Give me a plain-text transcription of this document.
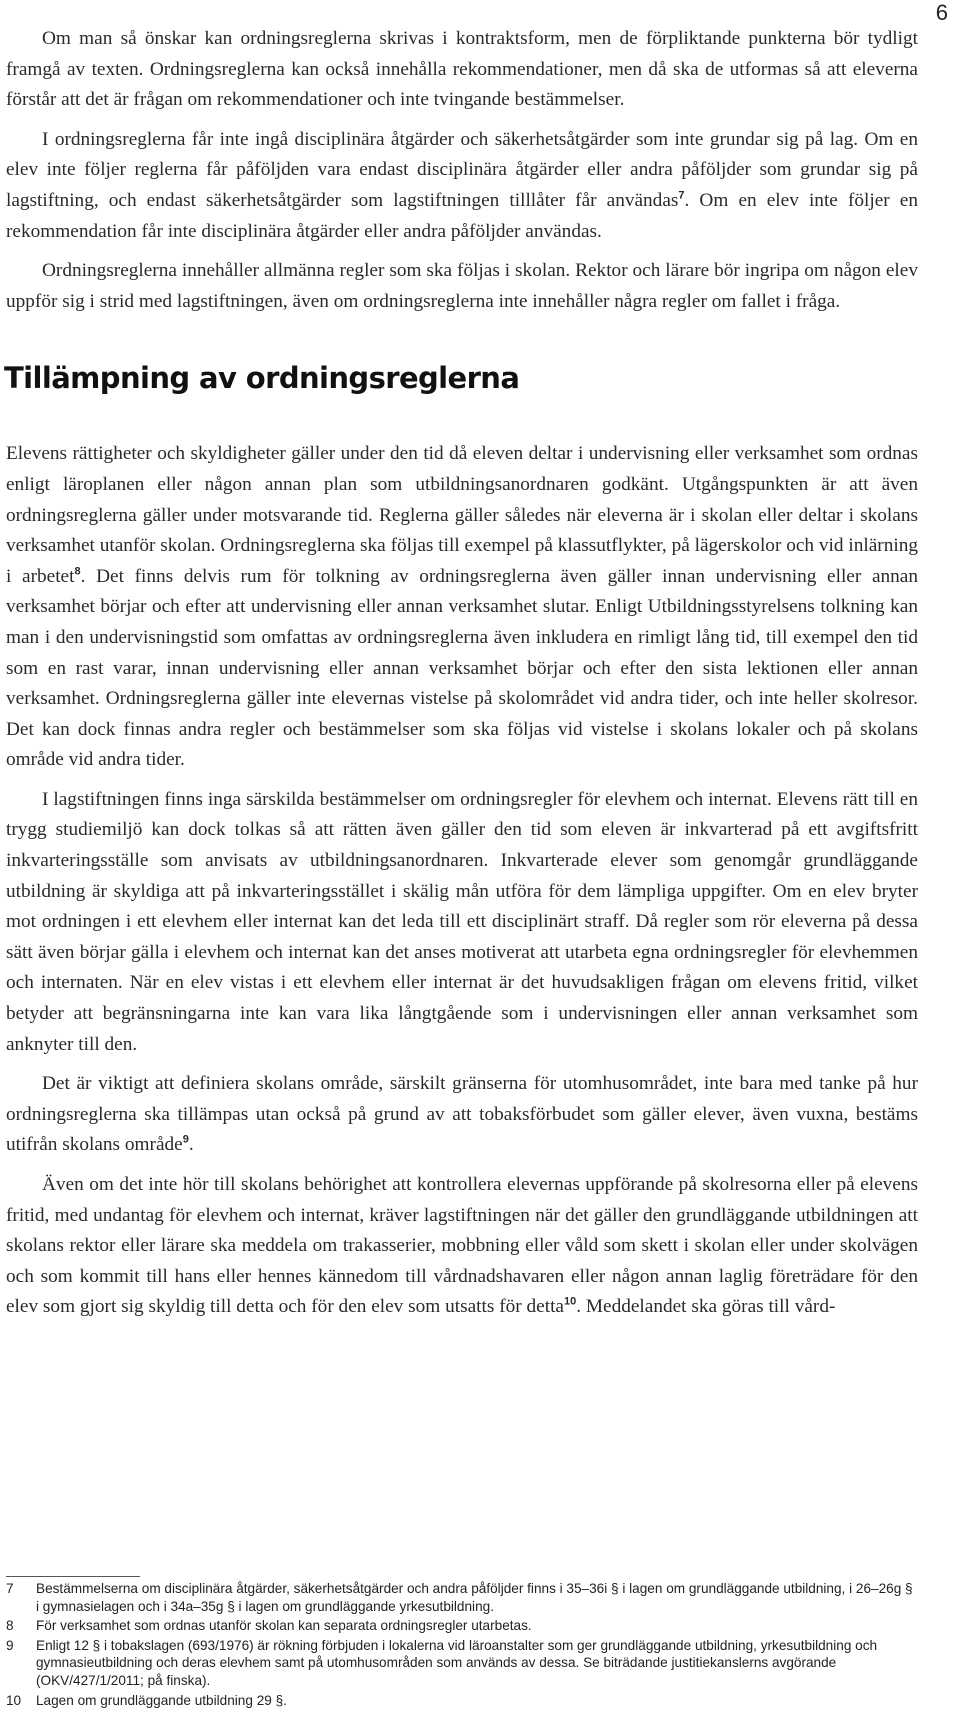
6

Om man så önskar kan ordningsreglerna skrivas i kontraktsform, men de förpliktande punkterna bör tydligt framgå av texten. Ordningsreglerna kan också innehålla rekommendationer, men då ska de utformas så att eleverna förstår att det är frågan om rekommendationer och inte tvingande bestämmelser.

I ordningsreglerna får inte ingå disciplinära åtgärder och säkerhetsåtgärder som inte grundar sig på lag. Om en elev inte följer reglerna får påföljden vara endast disciplinära åtgärder eller andra påföljder som grundar sig på lagstiftning, och endast säkerhetsåtgärder som lagstiftningen tilllåter får användas$^7$. Om en elev inte följer en rekommendation får inte disciplinära åtgärder eller andra påföljder användas.

Ordningsreglerna innehåller allmänna regler som ska följas i skolan. Rektor och lärare bör ingripa om någon elev uppför sig i strid med lagstiftningen, även om ordningsreglerna inte innehåller några regler om fallet i fråga.

Tillämpning av ordningsreglerna

Elevens rättigheter och skyldigheter gäller under den tid då eleven deltar i undervisning eller verksamhet som ordnas enligt läroplanen eller någon annan plan som utbildningsanordnaren godkänt. Utgångspunkten är att även ordningsreglerna gäller under motsvarande tid. Reglerna gäller således när eleverna är i skolan eller deltar i skolans verksamhet utanför skolan. Ordningsreglerna ska följas till exempel på klassutflykter, på lägerskolor och vid inlärning i arbetet$^8$. Det finns delvis rum för tolkning av ordningsreglerna även gäller innan undervisning eller annan verksamhet börjar och efter att undervisning eller annan verksamhet slutar. Enligt Utbildningsstyrelsens tolkning kan man i den undervisningstid som omfattas av ordningsreglerna även inkludera en rimligt lång tid, till exempel den tid som en rast varar, innan undervisning eller annan verksamhet börjar och efter den sista lektionen eller annan verksamhet. Ordningsreglerna gäller inte elevernas vistelse på skolområdet vid andra tider, och inte heller skolresor. Det kan dock finnas andra regler och bestämmelser som ska följas vid vistelse i skolans lokaler och på skolans område vid andra tider.

I lagstiftningen finns inga särskilda bestämmelser om ordningsregler för elevhem och internat. Elevens rätt till en trygg studiemiljö kan dock tolkas så att rätten även gäller den tid som eleven är inkvarterad på ett avgiftsfritt inkvarteringsställe som anvisats av utbildningsanordnaren. Inkvarterade elever som genomgår grundläggande utbildning är skyldiga att på inkvarteringsstället i skälig mån utföra för dem lämpliga uppgifter. Om en elev bryter mot ordningen i ett elevhem eller internat kan det leda till ett disciplinärt straff. Då regler som rör eleverna på dessa sätt även börjar gälla i elevhem och internat kan det anses motiverat att utarbeta egna ordningsregler för elevhemmen och internaten. När en elev vistas i ett elevhem eller internat är det huvudsakligen frågan om elevens fritid, vilket betyder att begränsningarna inte kan vara lika långtgående som i undervisningen eller annan verksamhet som anknyter till den.

Det är viktigt att definiera skolans område, särskilt gränserna för utomhusområdet, inte bara med tanke på hur ordningsreglerna ska tillämpas utan också på grund av att tobaksförbudet som gäller elever, även vuxna, bestäms utifrån skolans område$^9$.

Även om det inte hör till skolans behörighet att kontrollera elevernas uppförande på skolresorna eller på elevens fritid, med undantag för elevhem och internat, kräver lagstiftningen när det gäller den grundläggande utbildningen att skolans rektor eller lärare ska meddela om trakasserier, mobbning eller våld som skett i skolan eller under skolvägen och som kommit till hans eller hennes kännedom till vårdnadshavaren eller någon annan laglig företrädare för den elev som gjort sig skyldig till detta och för den elev som utsatts för detta$^{10}$. Meddelandet ska göras till vård-

7	Bestämmelserna om disciplinära åtgärder, säkerhetsåtgärder och andra påföljder finns i 35–36i § i lagen om grundläggande utbildning, i 26–26g § i gymnasielagen och i 34a–35g § i lagen om grundläggande yrkesutbildning.
8	För verksamhet som ordnas utanför skolan kan separata ordningsregler utarbetas.
9	Enligt 12 § i tobakslagen (693/1976) är rökning förbjuden i lokalerna vid läroanstalter som ger grundläggande utbildning, yrkesutbildning och gymnasieutbildning och deras elevhem samt på utomhusområden som används av dessa. Se biträdande justitiekanslerns avgörande (OKV/427/1/2011; på finska).
10	Lagen om grundläggande utbildning 29 §.
